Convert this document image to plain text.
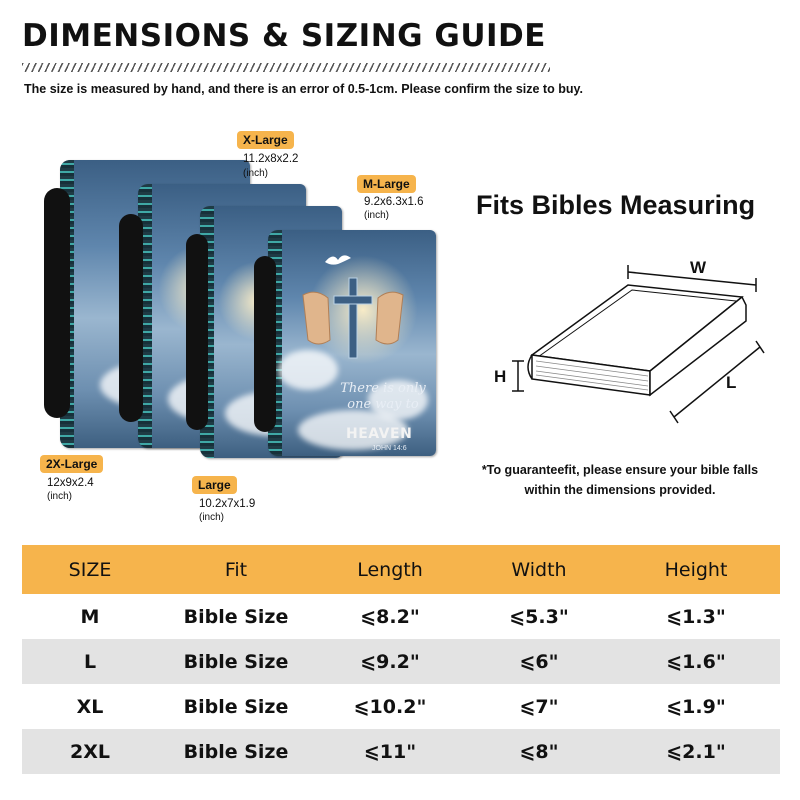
DIMENSIONS & SIZING GUIDE
The size is measured by hand, and there is an error of 0.5-1cm. Please confirm the size to buy.
There is only
one way to
HEAVEN
JOHN 14:6
X-Large
11.2x8x2.2
(inch)
M-Large
9.2x6.3x1.6
(inch)
2X-Large
12x9x2.4
(inch)
Large
10.2x7x1.9
(inch)
Fits Bibles Measuring
W
H	L
*To guaranteefit, please ensure your bible falls within the dimensions provided.
SIZE	Fit	Length	Width	Height
M	Bible Size	⩽8.2"	⩽5.3"	⩽1.3"
L	Bible Size	⩽9.2"	⩽6"	⩽1.6"
XL	Bible Size	⩽10.2"	⩽7"	⩽1.9"
2XL	Bible Size	⩽11"	⩽8"	⩽2.1"
